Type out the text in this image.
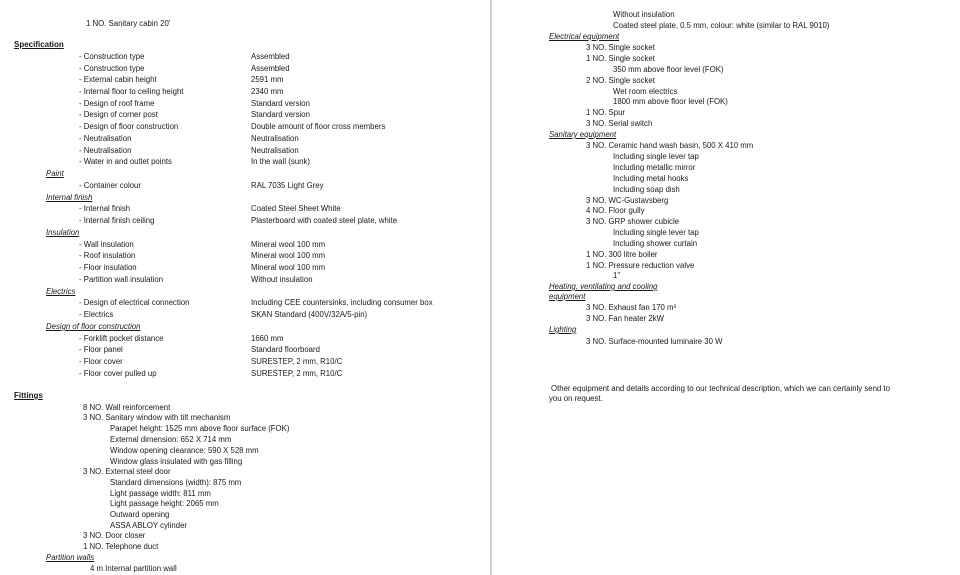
1 NO. Sanitary cabin 20'
Specification
- Construction type	Assembled
- Construction type	Assembled
- External cabin height	2591 mm
- Internal floor to ceiling height	2340 mm
- Design of roof frame	Standard version
- Design of corner post	Standard version
- Design of floor construction	Double amount of floor cross members
- Neutralisation	Neutralisation
- Neutralisation	Neutralisation
- Water in and outlet points	In the wall (sunk)
Paint
- Container colour	RAL 7035 Light Grey
Internal finish
- Internal finish	Coated Steel Sheet White
- Internal finish ceiling	Plasterboard with coated steel plate, white
Insulation
- Wall insulation	Mineral wool 100 mm
- Roof insulation	Mineral wool 100 mm
- Floor insulation	Mineral wool 100 mm
- Partition wall insulation	Without insulation
Electrics
- Design of electrical connection	Including CEE countersinks, including consumer box
- Electrics	SKAN Standard (400V/32A/5-pin)
Design of floor construction
- Forklift pocket distance	1660 mm
- Floor panel	Standard floorboard
- Floor cover	SURESTEP, 2 mm, R10/C
- Floor cover pulled up	SURESTEP, 2 mm, R10/C
Fittings
8 NO. Wall reinforcement
3 NO. Sanitary window with tilt mechanism
Parapet height: 1525 mm above floor surface (FOK)
External dimension: 652 X 714 mm
Window opening clearance: 590 X 528 mm
Window glass insulated with gas filling
3 NO. External steel door
Standard dimensions (width): 875 mm
Light passage width: 811 mm
Light passage height: 2065 mm
Outward opening
ASSA ABLOY cylinder
3 NO. Door closer
1 NO. Telephone duct
Partition walls
4 m Internal partition wall
Without insulation
Coated steel plate, 0.5 mm, colour: white (similar to RAL 9010)
Electrical equipment
3 NO. Single socket
1 NO. Single socket
350 mm above floor level (FOK)
2 NO. Single socket
Wet room electrics
1800 mm above floor level (FOK)
1 NO. Spur
3 NO. Serial switch
Sanitary equipment
3 NO. Ceramic hand wash basin, 500 X 410 mm
Including single lever tap
Including metallic mirror
Including metal hooks
Including soap dish
3 NO. WC-Gustavsberg
4 NO. Floor gully
3 NO. GRP shower cubicle
Including single lever tap
Including shower curtain
1 NO. 300 litre boiler
1 NO. Pressure reduction valve
1"
Heating, ventilating and cooling
equipment
3 NO. Exhaust fan 170 m³
3 NO. Fan heater 2kW
Lighting
3 NO. Surface-mounted luminaire 30 W
Other equipment and details according to our technical description, which we can certainly send to
you on request.
